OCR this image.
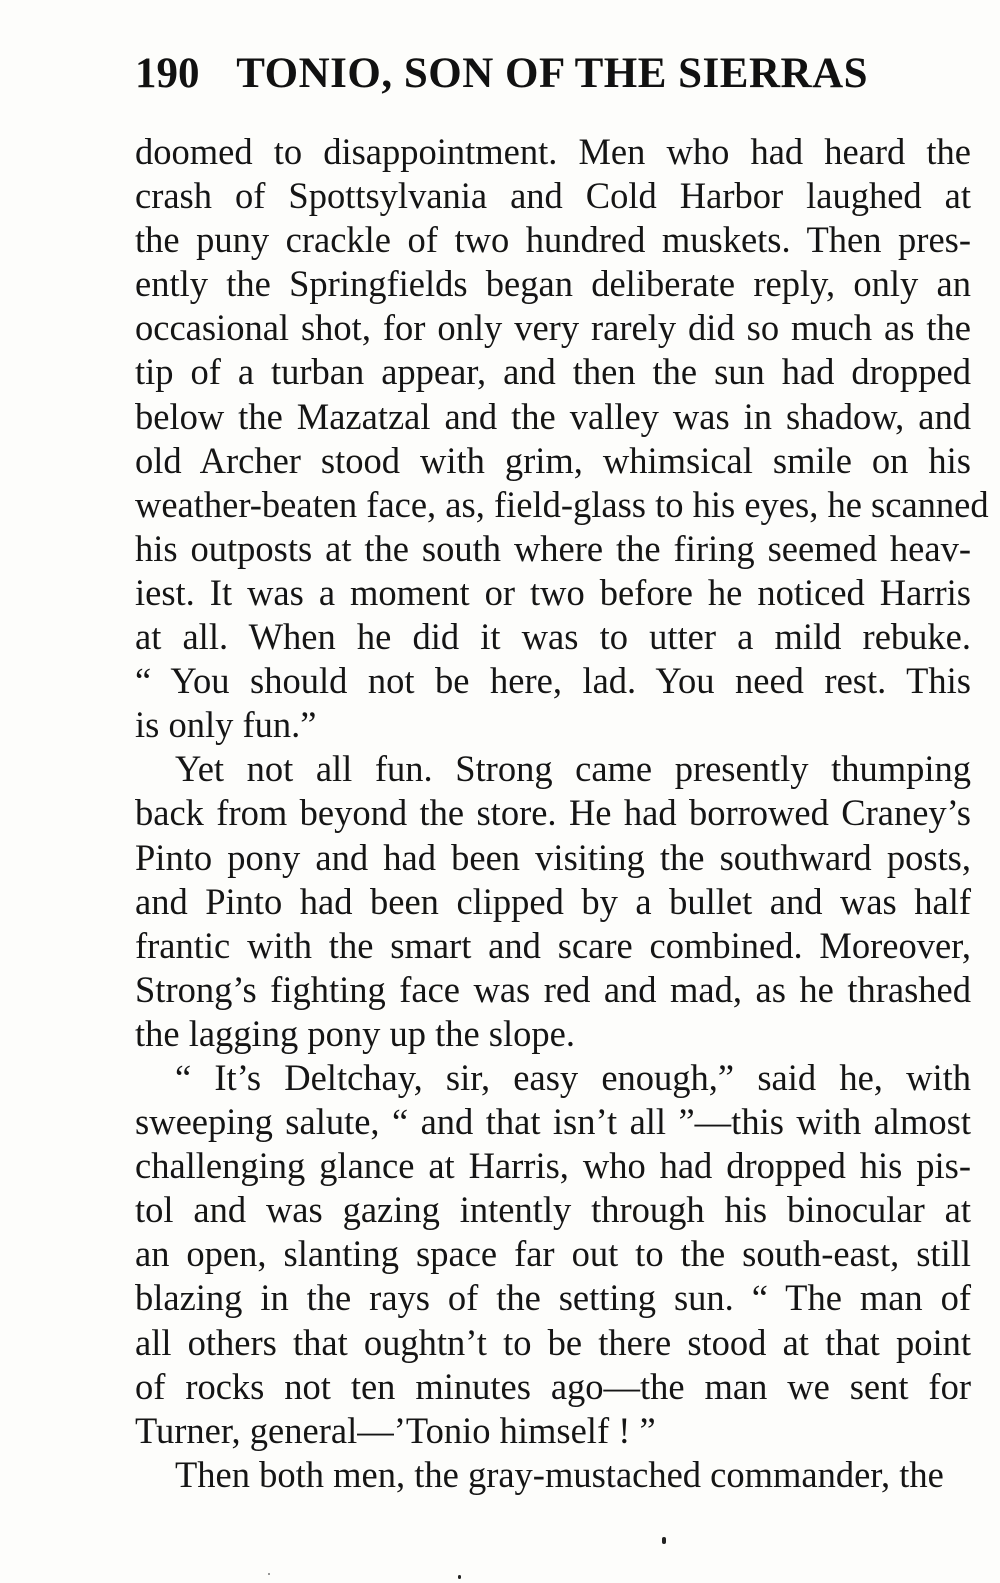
190 TONIO, SON OF THE SIERRAS
doomed to disappointment. Men who had heard the
crash of Spottsylvania and Cold Harbor laughed at
the puny crackle of two hundred muskets. Then pres-
ently the Springfields began deliberate reply, only an
occasional shot, for only very rarely did so much as the
tip of a turban appear, and then the sun had dropped
below the Mazatzal and the valley was in shadow, and
old Archer stood with grim, whimsical smile on his
weather-beaten face, as, field-glass to his eyes, he scanned
his outposts at the south where the firing seemed heav-
iest. It was a moment or two before he noticed Harris
at all. When he did it was to utter a mild rebuke.
“ You should not be here, lad. You need rest. This
is only fun.”
Yet not all fun. Strong came presently thumping
back from beyond the store. He had borrowed Craney’s
Pinto pony and had been visiting the southward posts,
and Pinto had been clipped by a bullet and was half
frantic with the smart and scare combined. Moreover,
Strong’s fighting face was red and mad, as he thrashed
the lagging pony up the slope.
“ It’s Deltchay, sir, easy enough,” said he, with
sweeping salute, “ and that isn’t all ”—this with almost
challenging glance at Harris, who had dropped his pis-
tol and was gazing intently through his binocular at
an open, slanting space far out to the south-east, still
blazing in the rays of the setting sun. “ The man of
all others that oughtn’t to be there stood at that point
of rocks not ten minutes ago—the man we sent for
Turner, general—’Tonio himself ! ”
Then both men, the gray-mustached commander, the
